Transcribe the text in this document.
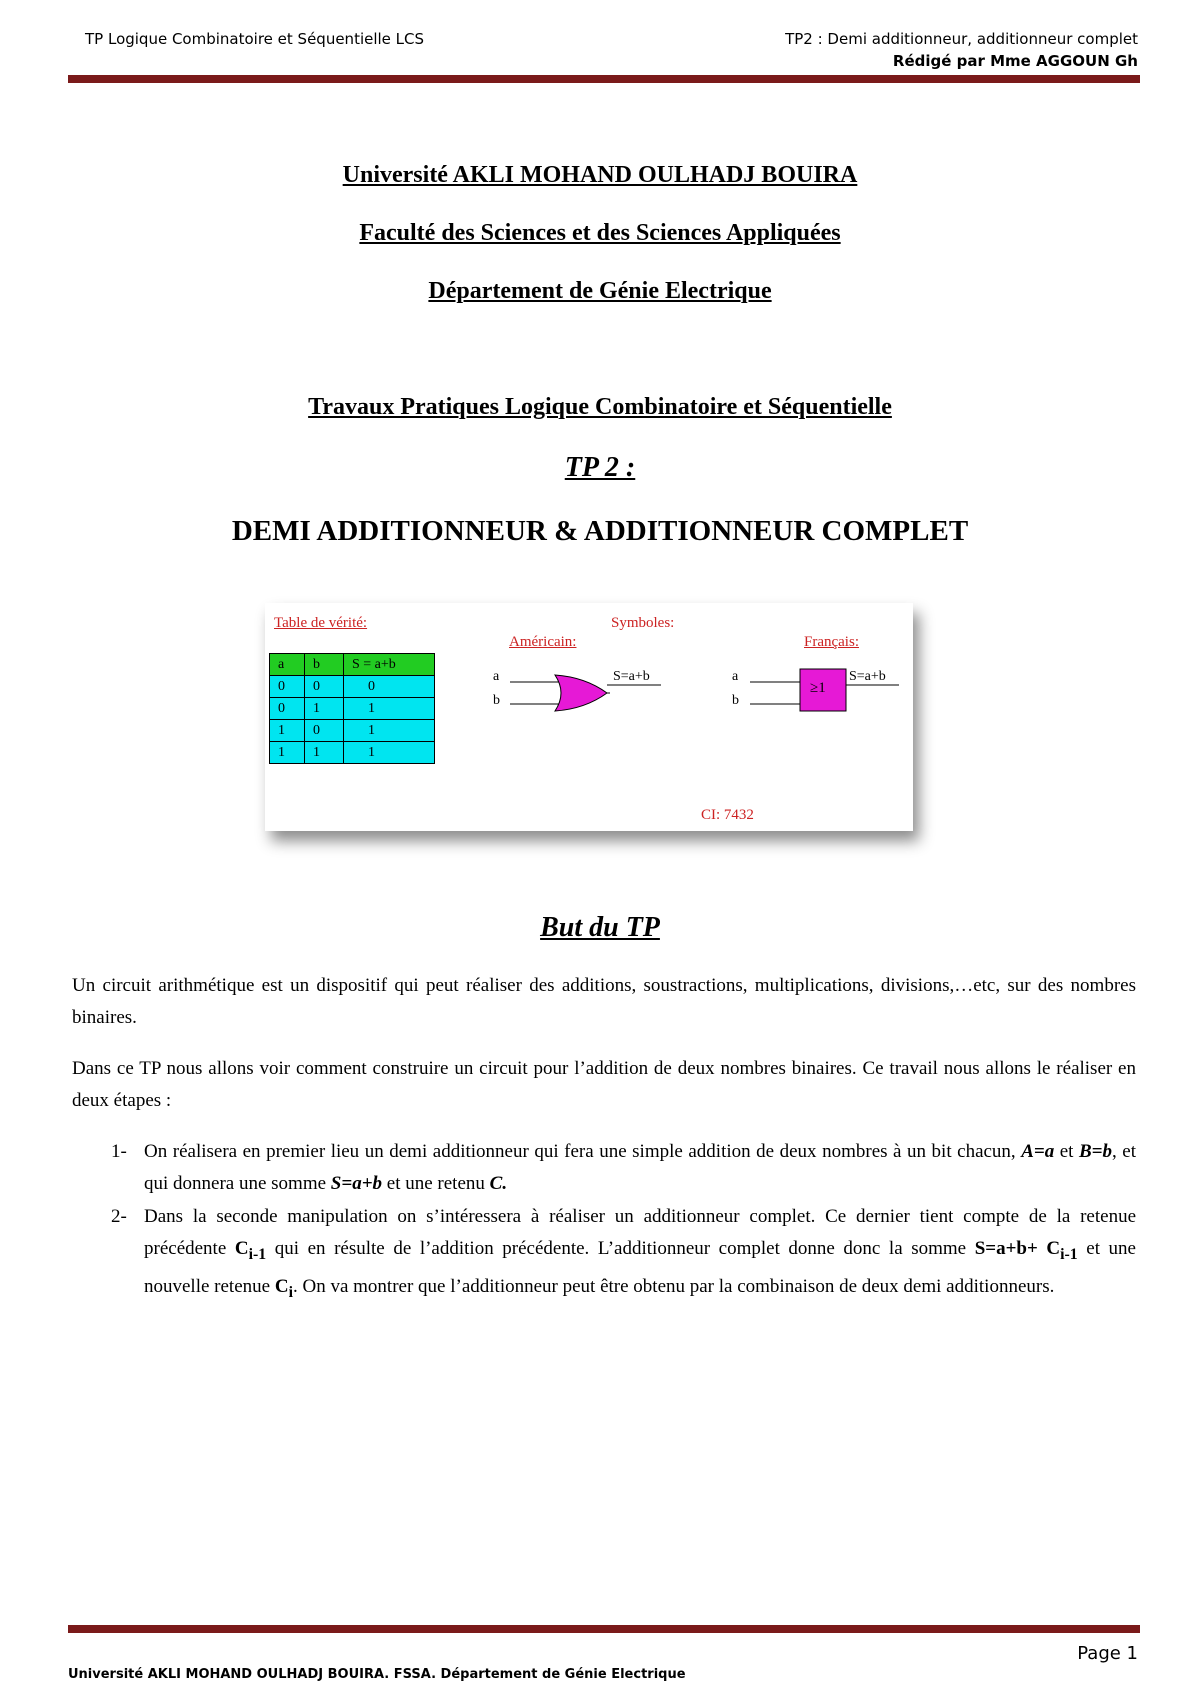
TP Logique Combinatoire et Séquentielle LCS	TP2 : Demi additionneur, additionneur complet
Rédigé par Mme AGGOUN Gh
Université AKLI MOHAND OULHADJ BOUIRA
Faculté des Sciences et des Sciences Appliquées
Département de Génie Electrique
Travaux Pratiques Logique Combinatoire et Séquentielle
TP 2 :
DEMI ADDITIONNEUR & ADDITIONNEUR COMPLET
Table de vérité:
a	b	S = a+b
0	0	0
0	1	1
1	0	1
1	1	1
Symboles:
Américain:	Français:
a
b
S=a+b	a
b
≥1
S=a+b
CI: 7432
But du TP
Un circuit arithmétique est un dispositif qui peut réaliser des additions, soustractions, multiplications, divisions,…etc, sur des nombres binaires.
Dans ce TP nous allons voir comment construire un circuit pour l’addition de deux nombres binaires. Ce travail nous allons le réaliser en deux étapes :
1- On réalisera en premier lieu un demi additionneur qui fera une simple addition de deux nombres à un bit chacun, A=a et B=b, et qui donnera une somme S=a+b et une retenu C.
2- Dans la seconde manipulation on s’intéressera à réaliser un additionneur complet. Ce dernier tient compte de la retenue précédente $C_{i-1}$ qui en résulte de l’addition précédente. L’additionneur complet donne donc la somme $S=a+b+ C_{i-1}$ et une nouvelle retenue $C_i$. On va montrer que l’additionneur peut être obtenu par la combinaison de deux demi additionneurs.
Page 1
Université AKLI MOHAND OULHADJ BOUIRA. FSSA. Département de Génie Electrique
